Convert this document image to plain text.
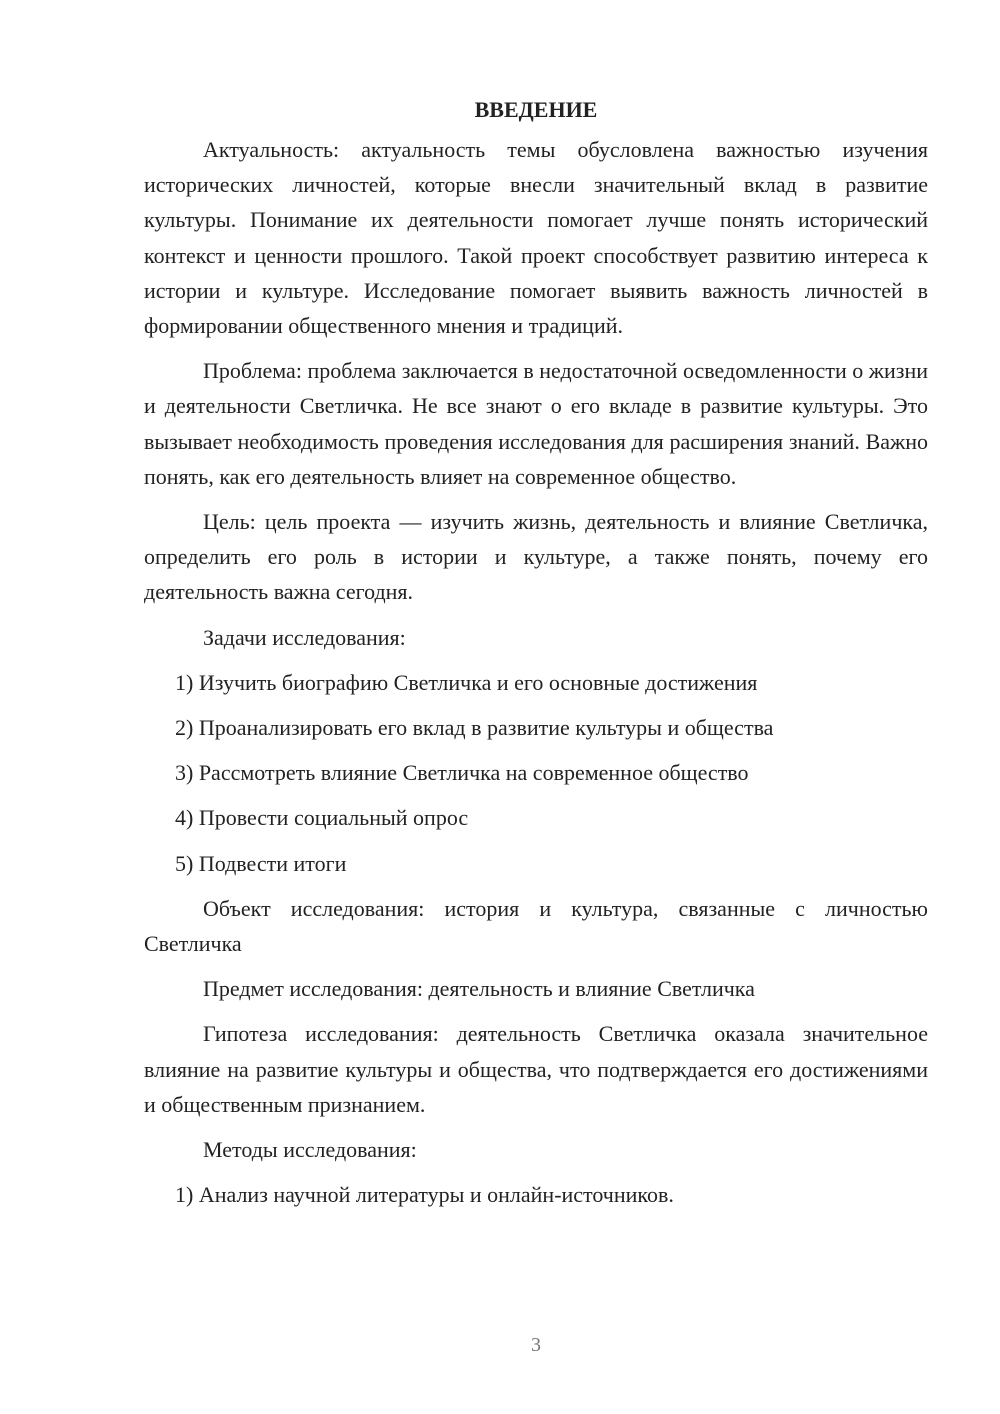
ВВЕДЕНИЕ

Актуальность: актуальность темы обусловлена важностью изучения исторических личностей, которые внесли значительный вклад в развитие культуры. Понимание их деятельности помогает лучше понять исторический контекст и ценности прошлого. Такой проект способствует развитию интереса к истории и культуре. Исследование помогает выявить важность личностей в формировании общественного мнения и традиций.

Проблема: проблема заключается в недостаточной осведомленности о жизни и деятельности Светличка. Не все знают о его вкладе в развитие культуры. Это вызывает необходимость проведения исследования для расширения знаний. Важно понять, как его деятельность влияет на современное общество.

Цель: цель проекта — изучить жизнь, деятельность и влияние Светличка, определить его роль в истории и культуре, а также понять, почему его деятельность важна сегодня.

Задачи исследования:

1) Изучить биографию Светличка и его основные достижения
2) Проанализировать его вклад в развитие культуры и общества
3) Рассмотреть влияние Светличка на современное общество
4) Провести социальный опрос
5) Подвести итоги

Объект исследования: история и культура, связанные с личностью Светличка

Предмет исследования: деятельность и влияние Светличка

Гипотеза исследования: деятельность Светличка оказала значительное влияние на развитие культуры и общества, что подтверждается его достижениями и общественным признанием.

Методы исследования:

1) Анализ научной литературы и онлайн-источников.
3
